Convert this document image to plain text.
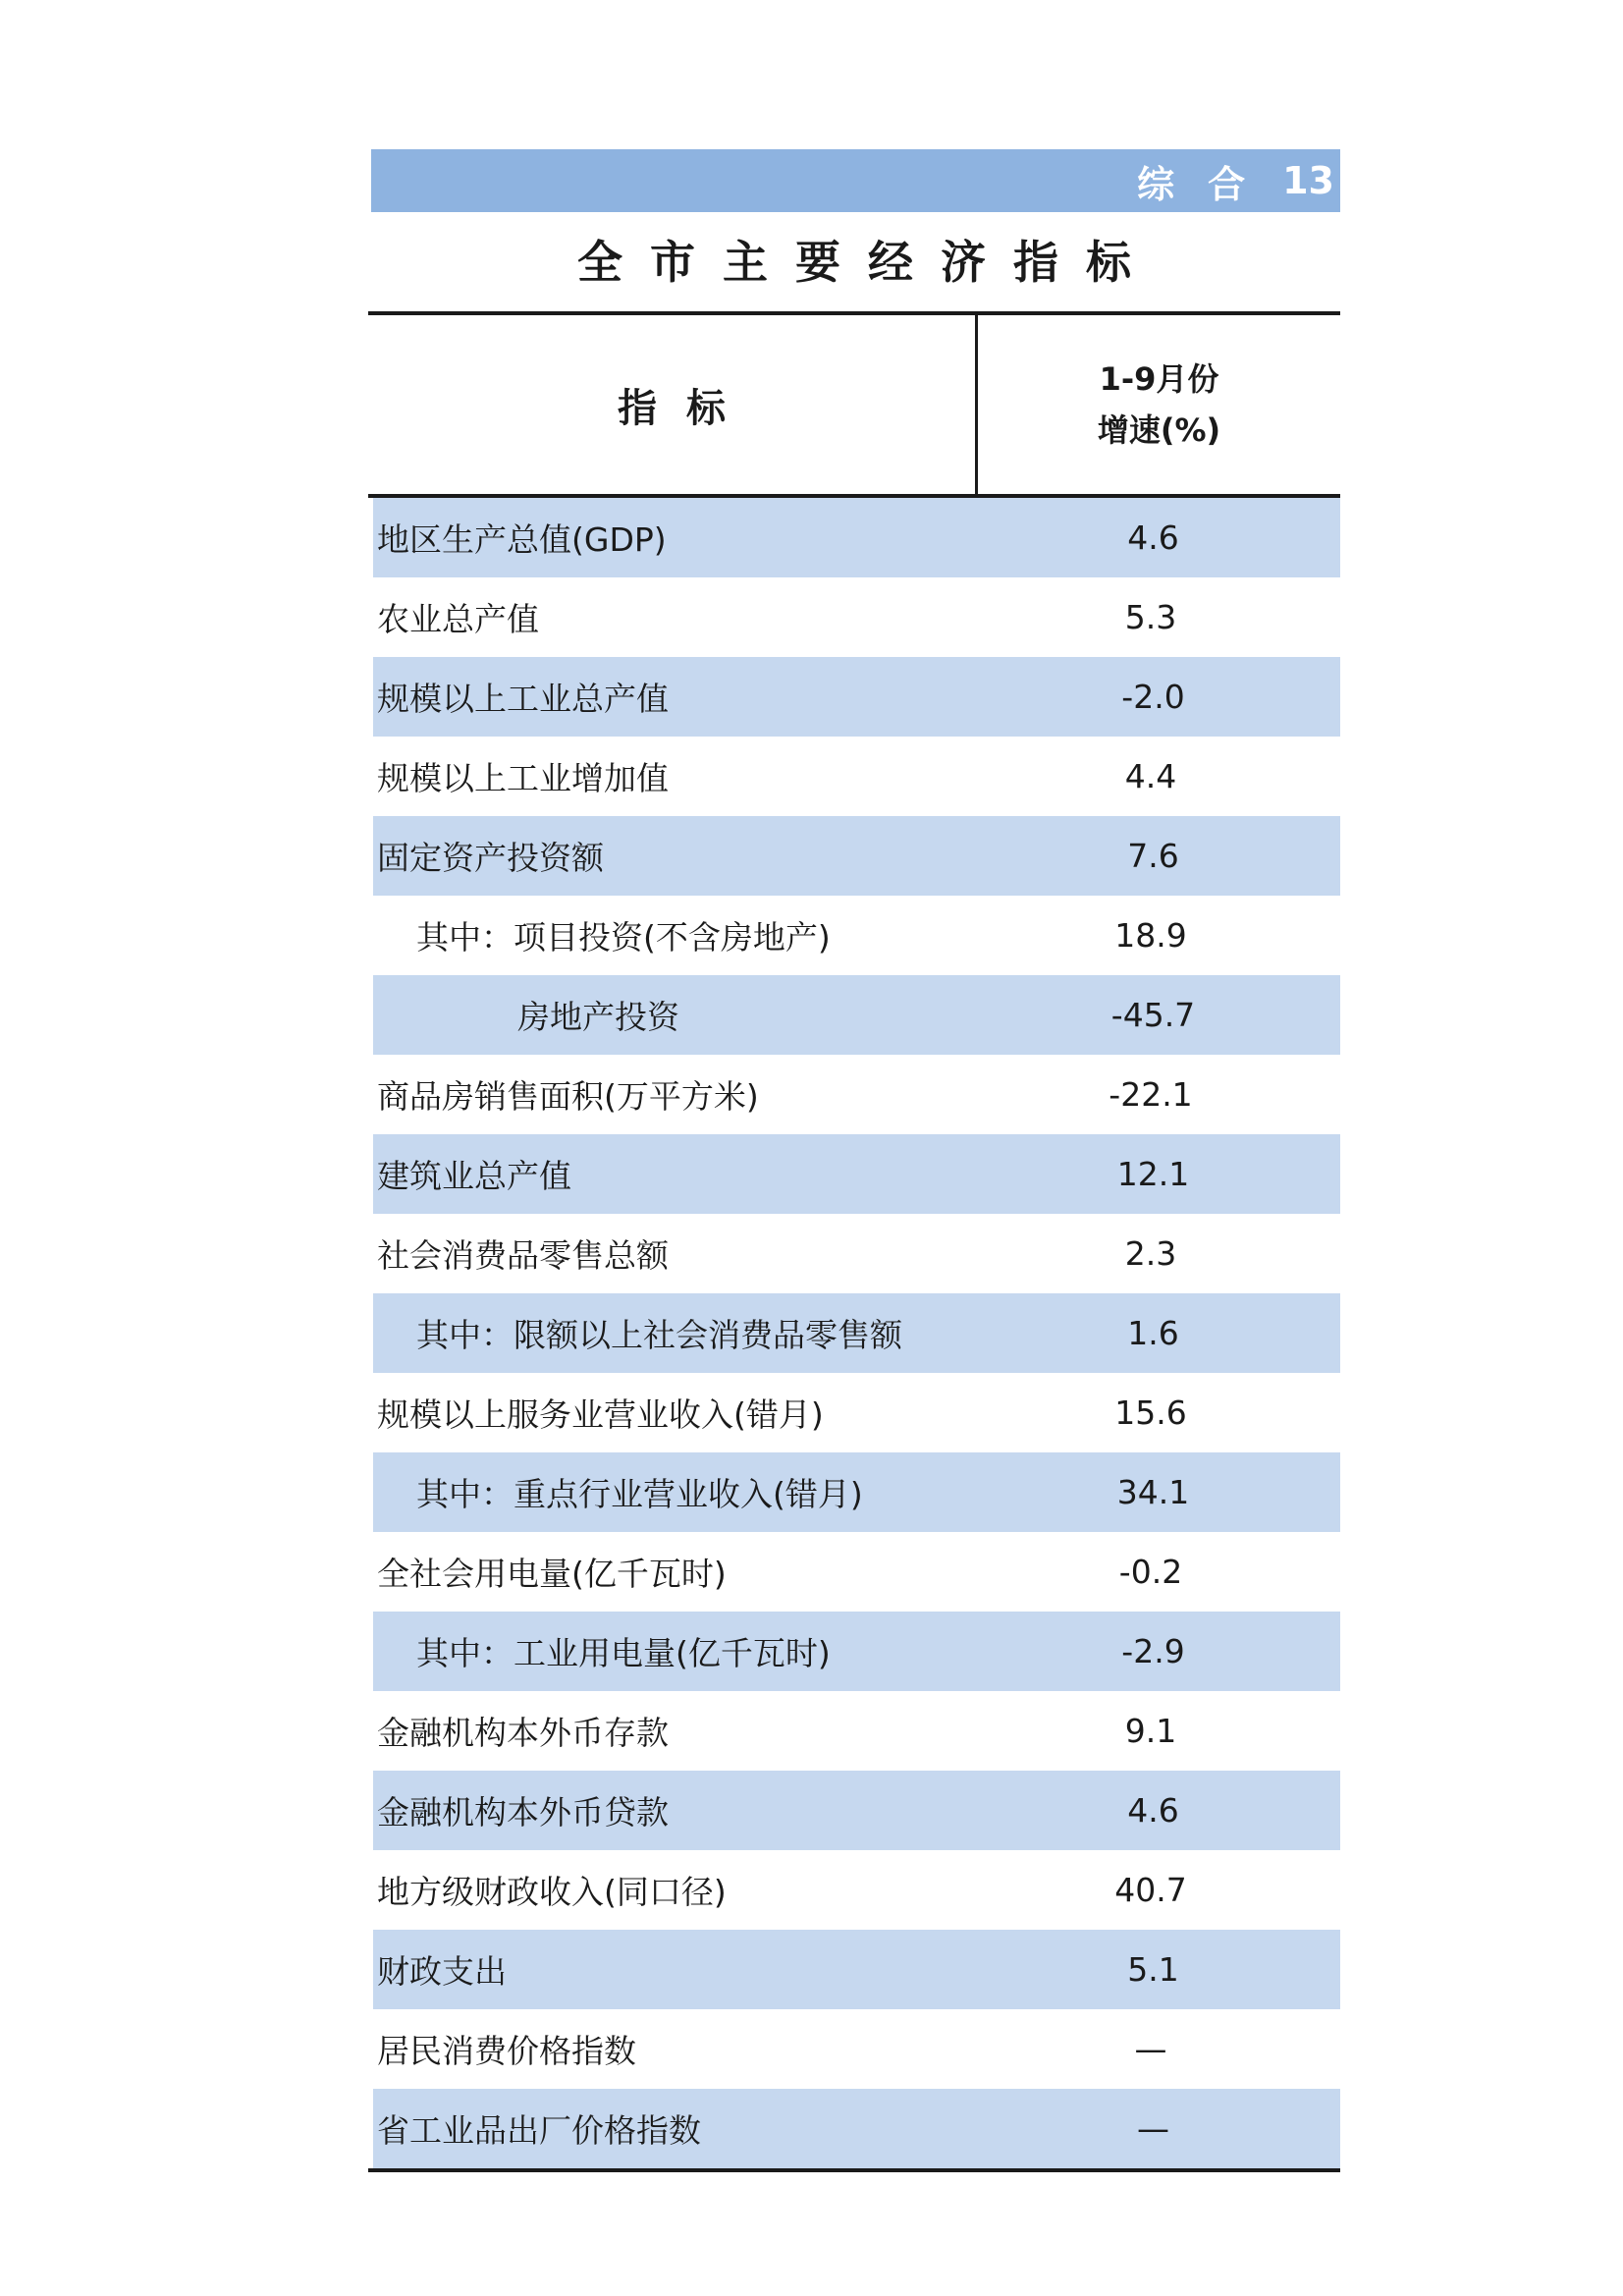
综合 13
全市主要经济指标
指标
1-9月份
增速(%)
地区生产总值(GDP)	4.6
农业总产值	5.3
规模以上工业总产值	-2.0
规模以上工业增加值	4.4
固定资产投资额	7.6
其中：项目投资(不含房地产)	18.9
房地产投资	-45.7
商品房销售面积(万平方米)	-22.1
建筑业总产值	12.1
社会消费品零售总额	2.3
其中：限额以上社会消费品零售额	1.6
规模以上服务业营业收入(错月)	15.6
其中：重点行业营业收入(错月)	34.1
全社会用电量(亿千瓦时)	-0.2
其中：工业用电量(亿千瓦时)	-2.9
金融机构本外币存款	9.1
金融机构本外币贷款	4.6
地方级财政收入(同口径)	40.7
财政支出	5.1
居民消费价格指数	—
省工业品出厂价格指数	—
